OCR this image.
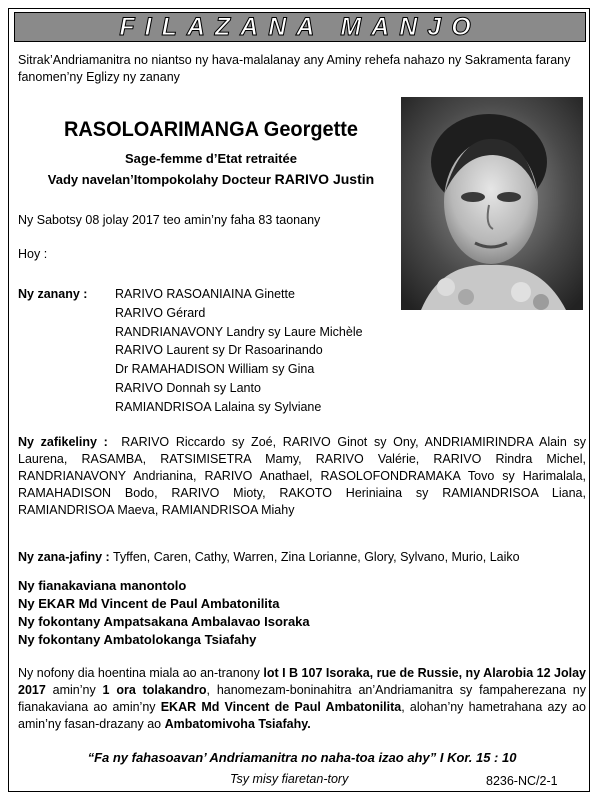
FILAZANA MANJO
Sitrak’Andriamanitra no niantso ny hava-malalanay any Aminy rehefa nahazo ny Sakramenta farany fanomen’ny Eglizy ny zanany
RASOLOARIMANGA Georgette
Sage-femme d’Etat retraitée
Vady navelan’Itompokolahy Docteur RARIVO Justin
Ny Sabotsy 08 jolay 2017 teo amin’ny faha 83 taonany
Hoy :
Ny zanany : RARIVO RASOANIAINA Ginette
RARIVO Gérard
RANDRIANAVONY Landry sy Laure Michèle
RARIVO Laurent sy Dr Rasoarinando
Dr RAMAHADISON William sy Gina
RARIVO Donnah sy Lanto
RAMIANDRISOA Lalaina sy Sylviane
Ny zafikeliny : RARIVO Riccardo sy Zoé, RARIVO Ginot sy Ony, ANDRIAMIRINDRA Alain sy Laurena, RASAMBA, RATSIMISETRA Mamy, RARIVO Valérie, RARIVO Rindra Michel, RANDRIANAVONY Andrianina, RARIVO Anathael, RASOLOFONDRAMAKA Tovo sy Harimalala, RAMAHADISON Bodo, RARIVO Mioty, RAKOTO Heriniaina sy RAMIANDRISOA Liana, RAMIANDRISOA Maeva, RAMIANDRISOA Miahy
Ny zana-jafiny : Tyffen, Caren, Cathy, Warren, Zina Lorianne, Glory, Sylvano, Murio, Laiko
Ny fianakaviana manontolo
Ny EKAR Md Vincent de Paul Ambatonilita
Ny fokontany Ampatsakana Ambalavao Isoraka
Ny fokontany Ambatolokanga Tsiafahy
Ny nofony dia hoentina miala ao an-tranony lot I B 107 Isoraka, rue de Russie, ny Alarobia 12 Jolay 2017 amin’ny 1 ora tolakandro, hanomezam-boninahitra an’Andriamanitra sy fampaherezana ny fianakaviana ao amin’ny EKAR Md Vincent de Paul Ambatonilita, alohan’ny hametrahana azy ao amin’ny fasan-drazany ao Ambatomivoha Tsiafahy.
“Fa ny fahasoavan’ Andriamanitra no naha-toa izao ahy” I Kor. 15 : 10
Tsy misy fiaretan-tory	8236-NC/2-1
